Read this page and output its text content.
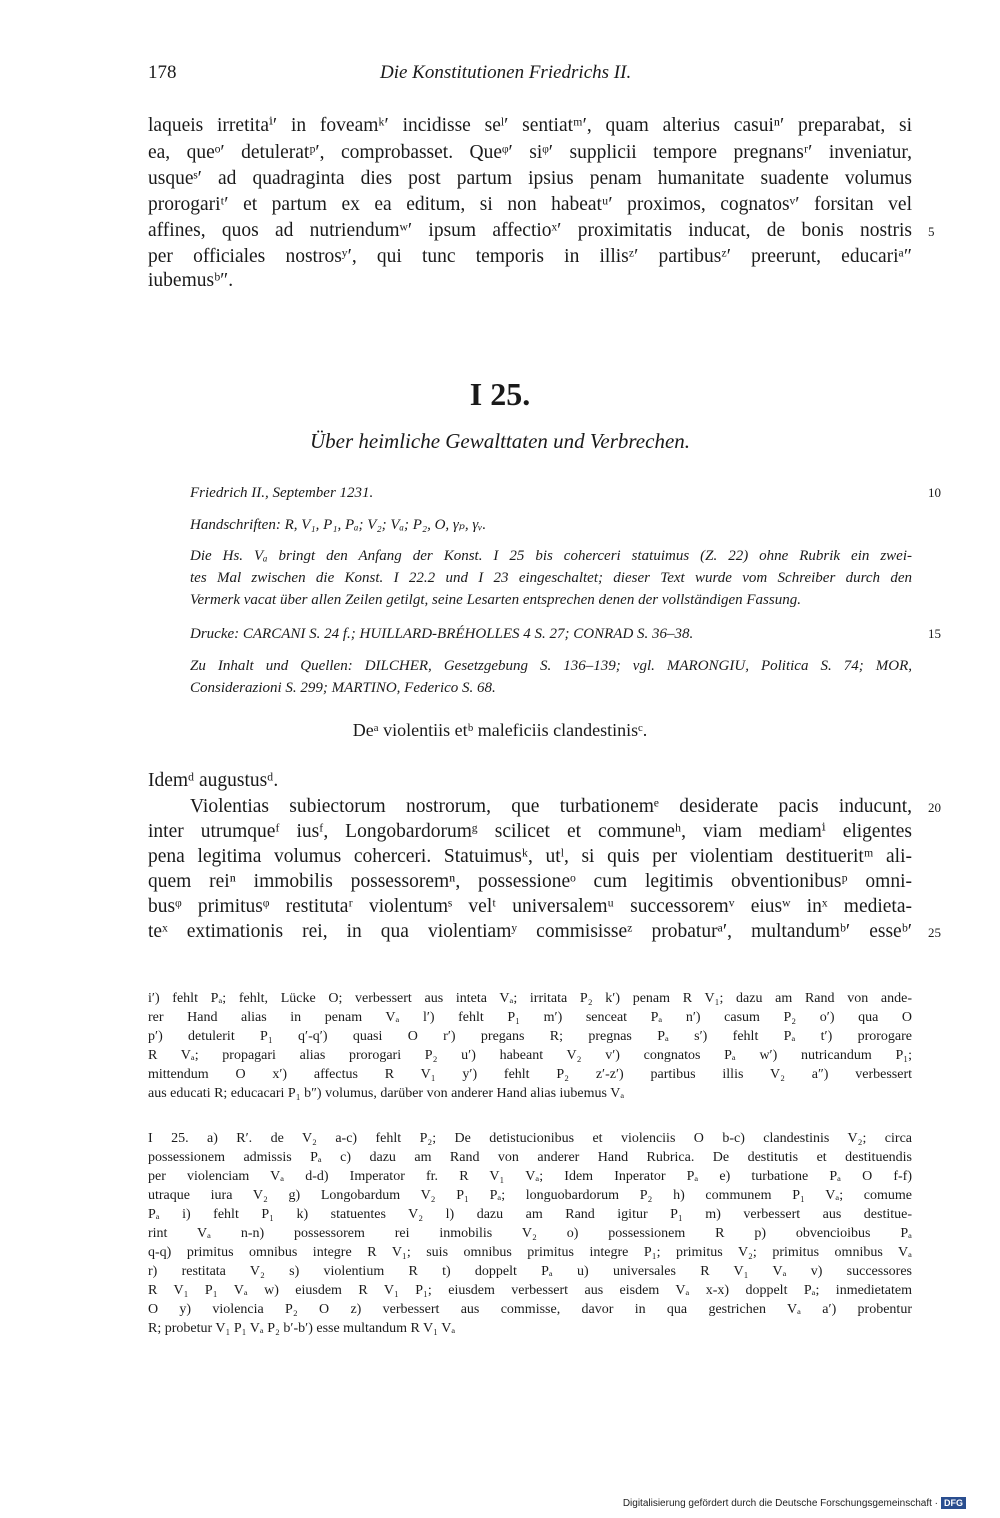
178	Die Konstitutionen Friedrichs II.
laqueis irretitaⁱ′ in foveamᵏ′ incidisse seˡ′ sentiatᵐ′, quam alterius casuiⁿ′ preparabat, si
ea, queᵒ′ detuleratᵖ′, comprobasset. Queᵠ′ siᵠ′ supplicii tempore pregnansʳ′ inveniatur,
usqueˢ′ ad quadraginta dies post partum ipsius penam humanitate suadente volumus
prorogariᵗ′ et partum ex ea editum, si non habeatᵘ′ proximos, cognatosᵛ′ forsitan vel
affines, quos ad nutriendumʷ′ ipsum affectioˣ′ proximitatis inducat, de bonis nostris
per officiales nostrosʸ′, qui tunc temporis in illisᶻ′ partibusᶻ′ preerunt, educariᵃ″
iubemusᵇ″.
5
I 25.
Über heimliche Gewalttaten und Verbrechen.
Friedrich II., September 1231.	10
Handschriften: R, V₁, P₁, Pₐ; V₂; Vₐ; P₂, O, γₚ, γᵥ.
Die Hs. Vₐ bringt den Anfang der Konst. I 25 bis coherceri statuimus (Z. 22) ohne Rubrik ein zwei-
tes Mal zwischen die Konst. I 22.2 und I 23 eingeschaltet; dieser Text wurde vom Schreiber durch den
Vermerk vacat über allen Zeilen getilgt, seine Lesarten entsprechen denen der vollständigen Fassung.
Drucke: CARCANI S. 24 f.; HUILLARD-BRÉHOLLES 4 S. 27; CONRAD S. 36–38.	15
Zu Inhalt und Quellen: DILCHER, Gesetzgebung S. 136–139; vgl. MARONGIU, Politica S. 74; MOR,
Considerazioni S. 299; MARTINO, Federico S. 68.
Deᵃ violentiis etᵇ maleficiis clandestinisᶜ.
Idemᵈ augustusᵈ.
Violentias subiectorum nostrorum, que turbationemᵉ desiderate pacis inducunt, 20
inter utrumqueᶠ iusᶠ, Longobardorumᵍ scilicet et communeʰ, viam mediamⁱ eligentes
pena legitima volumus coherceri. Statuimusᵏ, utˡ, si quis per violentiam destitueritᵐ ali-
quem reiⁿ immobilis possessoremⁿ, possessioneᵒ cum legitimis obventionibusᵖ omni-
busᵠ primitusᵠ restitutaʳ violentumˢ velᵗ universalemᵘ successoremᵛ eiusʷ inˣ medieta-
teˣ extimationis rei, in qua violentiamʸ commisisseᶻ probaturᵃ′, multandumᵇ′ esseᵇ′ 25
i′) fehlt Pₐ; fehlt, Lücke O; verbessert aus inteta Vₐ; irritata P₂ k′) penam R V₁; dazu am Rand von ande-
rer Hand alias in penam Vₐ l′) fehlt P₁ m′) senceat Pₐ n′) casum P₂ o′) qua O
p′) detulerit P₁ q′-q′) quasi O r′) pregans R; pregnas Pₐ s′) fehlt Pₐ t′) prorogare
R Vₐ; propagari alias prorogari P₂ u′) habeant V₂ v′) congnatos Pₐ w′) nutricandum P₁;
mittendum O x′) affectus R V₁ y′) fehlt P₂ z′-z′) partibus illis V₂ a″) verbessert
aus educati R; educacari P₁ b″) volumus, darüber von anderer Hand alias iubemus Vₐ
I 25. a) R′. de V₂ a-c) fehlt P₂; De detistucionibus et violenciis O b-c) clandestinis V₂; circa
possessionem admissis Pₐ c) dazu am Rand von anderer Hand Rubrica. De destitutis et destituendis
per violenciam Vₐ d-d) Imperator fr. R V₁ Vₐ; Idem Inperator Pₐ e) turbatione Pₐ O f-f)
utraque iura V₂ g) Longobardum V₂ P₁ Pₐ; longuobardorum P₂ h) communem P₁ Vₐ; comume
Pₐ i) fehlt P₁ k) statuentes V₂ l) dazu am Rand igitur P₁ m) verbessert aus destitue-
rint Vₐ n-n) possessorem rei inmobilis V₂ o) possessionem R p) obvencioibus Pₐ
q-q) primitus omnibus integre R V₁; suis omnibus primitus integre P₁; primitus V₂; primitus omnibus Vₐ
r) restitata V₂ s) violentium R t) doppelt Pₐ u) universales R V₁ Vₐ v) successores
R V₁ P₁ Vₐ w) eiusdem R V₁ P₁; eiusdem verbessert aus eisdem Vₐ x-x) doppelt Pₐ; inmedietatem
O y) violencia P₂ O z) verbessert aus commisse, davor in qua gestrichen Vₐ a′) probentur
R; probetur V₁ P₁ Vₐ P₂ b′-b′) esse multandum R V₁ Vₐ
Digitalisierung gefördert durch die Deutsche Forschungsgemeinschaft · DFG
